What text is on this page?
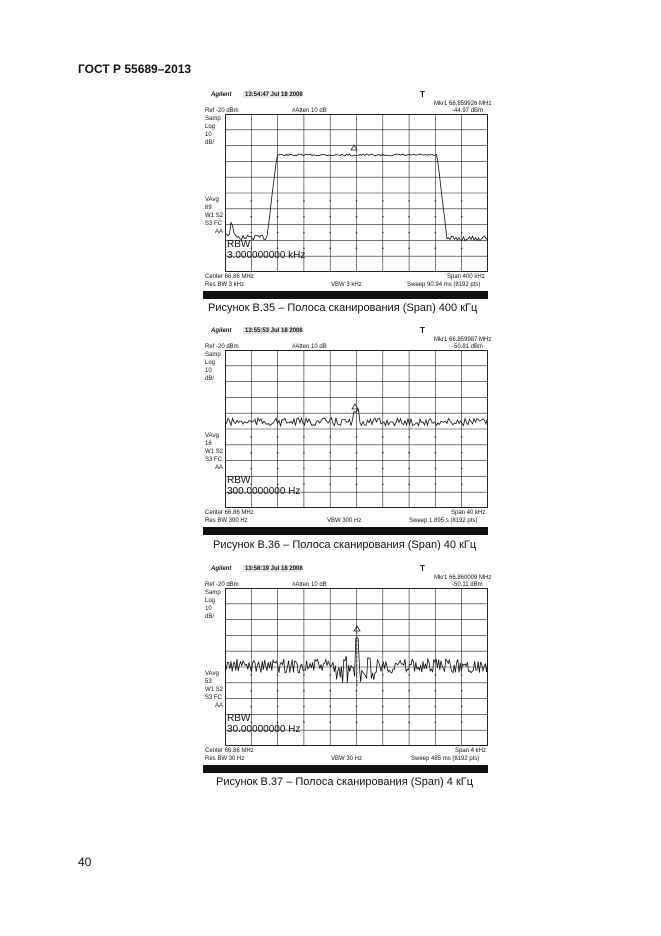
ГОСТ Р 55689–2013
Agilent 13:54:47 Jul 18 2008	T
Mkr1 66.859926 MHz
-44.97 dBm
Ref -20 dBm	#Atten 10 dB
Samp
Log
10
dB/
VAvg
69
W1 S2
S3 FC
AA
RBW
3.000000000 kHz
Center 66.86 MHz	Span 400 kHz
Res BW 3 kHz	VBW 3 kHz	Sweep 90.94 ms (8192 pts)
Рисунок В.35 – Полоса сканирования (Span) 400 кГц
Agilent 13:55:53 Jul 18 2008	T
Mkr1 66.859987 MHz
-50.81 dBm
Ref -20 dBm	#Atten 10 dB
Samp
Log
10
dB/
VAvg
16
W1 S2
S3 FC
AA
RBW
300.0000000 Hz
Center 66.86 MHz	Span 40 kHz
Res BW 300 Hz	VBW 300 Hz	Sweep 1.895 s (8192 pts)
Рисунок В.36 – Полоса сканирования (Span) 40 кГц
Agilent 13:58:19 Jul 18 2008	T
Mkr1 66.860009 MHz
-50.11 dBm
Ref -20 dBm	#Atten 10 dB
Samp
Log
10
dB/
VAvg
53
W1 S2
S3 FC
AA
RBW
30.00000000 Hz
Center 66.86 MHz	Span 4 kHz
Res BW 30 Hz	VBW 30 Hz	Sweep 485 ms (8192 pts)
Рисунок В.37 – Полоса сканирования (Span) 4 кГц
40
